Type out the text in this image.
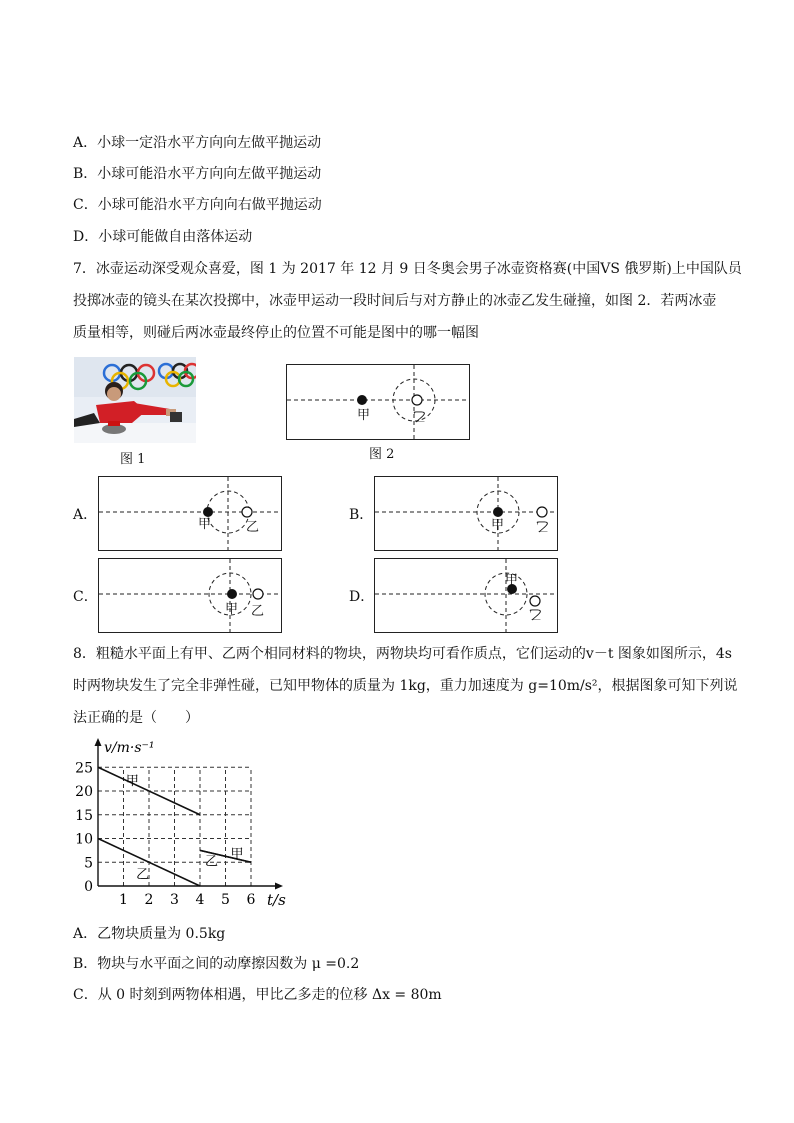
A．小球一定沿水平方向向左做平抛运动
B．小球可能沿水平方向向左做平抛运动
C．小球可能沿水平方向向右做平抛运动
D．小球可能做自由落体运动
7．冰壶运动深受观众喜爱，图 1 为 2017 年 12 月 9 日冬奥会男子冰壶资格赛(中国VS 俄罗斯)上中国队员
投掷冰壶的镜头在某次投掷中，冰壶甲运动一段时间后与对方静止的冰壶乙发生碰撞，如图 2．若两冰壶
质量相等，则碰后两冰壶最终停止的位置不可能是图中的哪一幅图
图 1
甲	乙
图 2
A．
甲	乙
B．
甲 乙
C．
甲 乙
D．
甲
乙
8．粗糙水平面上有甲、乙两个相同材料的物块，两物块均可看作质点，它们运动的v－t 图象如图所示，4s
时两物块发生了完全非弹性碰，已知甲物体的质量为 1kg，重力加速度为 g=10m/s²，根据图象可知下列说
法正确的是（　　）
1 2 3 4 5 6
0
5
10
15
20
25
t/s
v/m·s⁻¹
甲
乙
甲
乙
A．乙物块质量为 0.5kg
B．物块与水平面之间的动摩擦因数为 μ =0.2
C．从 0 时刻到两物体相遇，甲比乙多走的位移 Δx = 80m
